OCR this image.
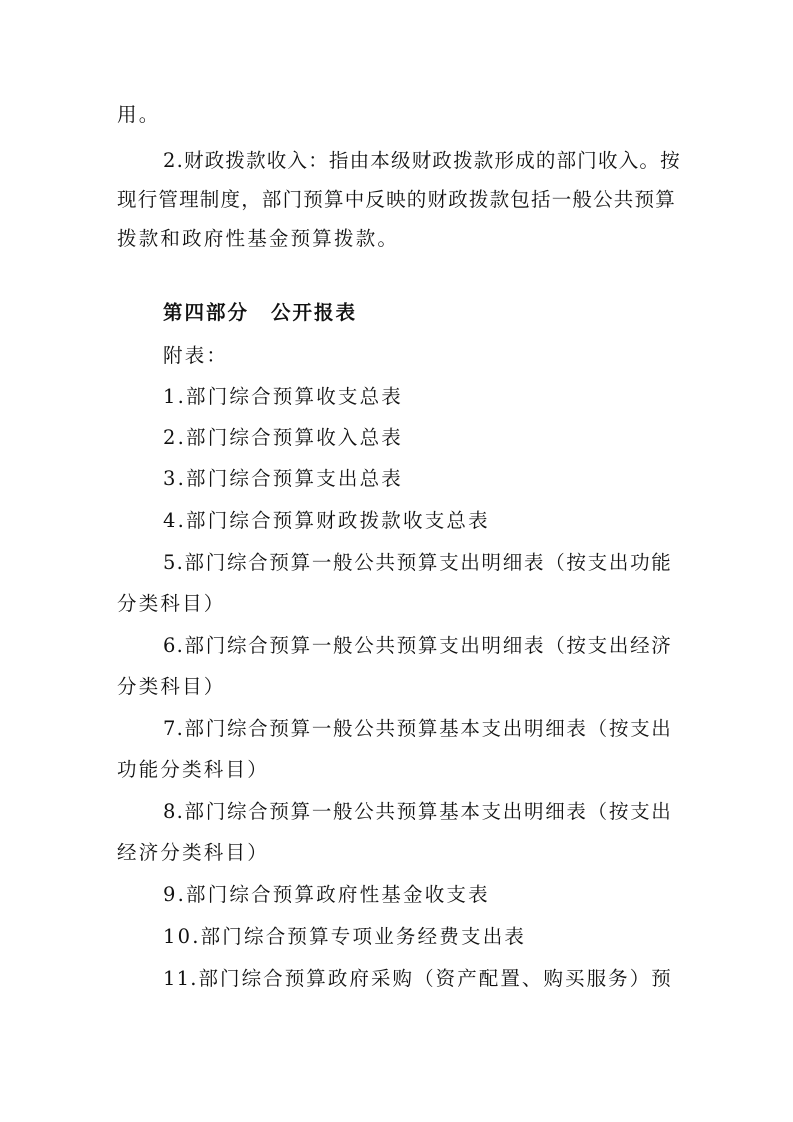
用。
2.财政拨款收入：指由本级财政拨款形成的部门收入。按
现行管理制度，部门预算中反映的财政拨款包括一般公共预算
拨款和政府性基金预算拨款。
第四部分 公开报表
附表：
1.部门综合预算收支总表
2.部门综合预算收入总表
3.部门综合预算支出总表
4.部门综合预算财政拨款收支总表
5.部门综合预算一般公共预算支出明细表（按支出功能
分类科目）
6.部门综合预算一般公共预算支出明细表（按支出经济
分类科目）
7.部门综合预算一般公共预算基本支出明细表（按支出
功能分类科目）
8.部门综合预算一般公共预算基本支出明细表（按支出
经济分类科目）
9.部门综合预算政府性基金收支表
10.部门综合预算专项业务经费支出表
11.部门综合预算政府采购（资产配置、购买服务）预
